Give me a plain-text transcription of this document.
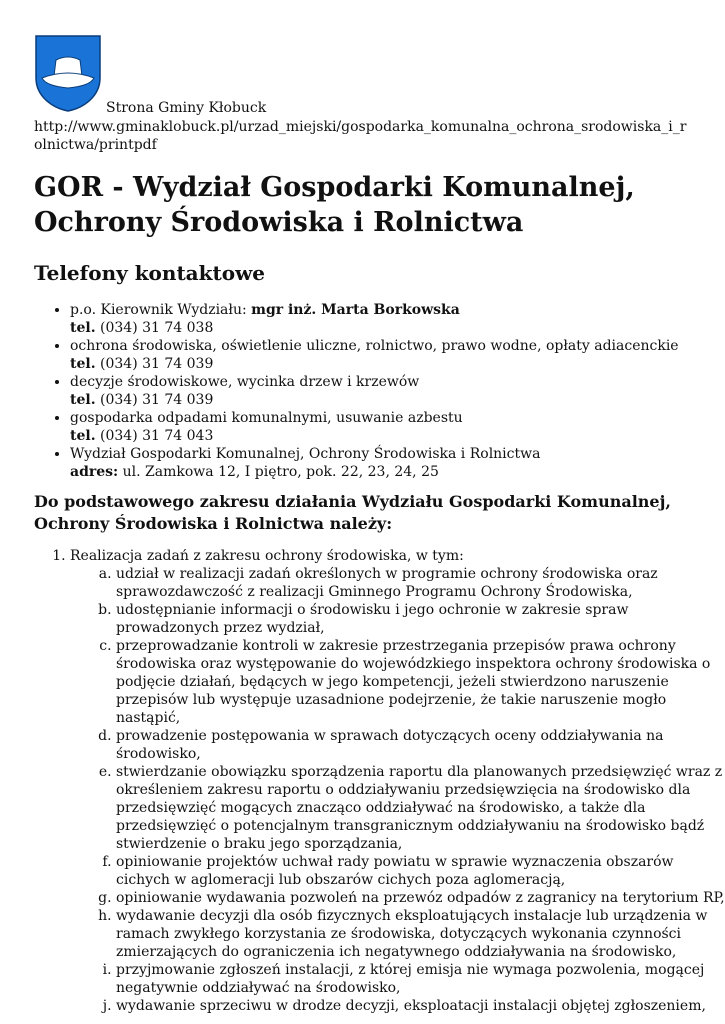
Strona Gminy Kłobuck
http://www.gminaklobuck.pl/urzad_miejski/gospodarka_komunalna_ochrona_srodowiska_i_rolnictwa/printpdf
GOR - Wydział Gospodarki Komunalnej, Ochrony Środowiska i Rolnictwa
Telefony kontaktowe
• p.o. Kierownik Wydziału: mgr inż. Marta Borkowska
tel. (034) 31 74 038
• ochrona środowiska, oświetlenie uliczne, rolnictwo, prawo wodne, opłaty adiacenckie
tel. (034) 31 74 039
• decyzje środowiskowe, wycinka drzew i krzewów
tel. (034) 31 74 039
• gospodarka odpadami komunalnymi, usuwanie azbestu
tel. (034) 31 74 043
• Wydział Gospodarki Komunalnej, Ochrony Środowiska i Rolnictwa
adres: ul. Zamkowa 12, I piętro, pok. 22, 23, 24, 25
Do podstawowego zakresu działania Wydziału Gospodarki Komunalnej, Ochrony Środowiska i Rolnictwa należy:
1. Realizacja zadań z zakresu ochrony środowiska, w tym:
a. udział w realizacji zadań określonych w programie ochrony środowiska oraz sprawozdawczość z realizacji Gminnego Programu Ochrony Środowiska,
b. udostępnianie informacji o środowisku i jego ochronie w zakresie spraw prowadzonych przez wydział,
c. przeprowadzanie kontroli w zakresie przestrzegania przepisów prawa ochrony środowiska oraz występowanie do wojewódzkiego inspektora ochrony środowiska o podjęcie działań, będących w jego kompetencji, jeżeli stwierdzono naruszenie przepisów lub występuje uzasadnione podejrzenie, że takie naruszenie mogło nastąpić,
d. prowadzenie postępowania w sprawach dotyczących oceny oddziaływania na środowisko,
e. stwierdzanie obowiązku sporządzenia raportu dla planowanych przedsięwzięć wraz z określeniem zakresu raportu o oddziaływaniu przedsięwzięcia na środowisko dla przedsięwzięć mogących znacząco oddziaływać na środowisko, a także dla przedsięwzięć o potencjalnym transgranicznym oddziaływaniu na środowisko bądź stwierdzenie o braku jego sporządzania,
f. opiniowanie projektów uchwał rady powiatu w sprawie wyznaczenia obszarów cichych w aglomeracji lub obszarów cichych poza aglomeracją,
g. opiniowanie wydawania pozwoleń na przewóz odpadów z zagranicy na terytorium RP,
h. wydawanie decyzji dla osób fizycznych eksploatujących instalacje lub urządzenia w ramach zwykłego korzystania ze środowiska, dotyczących wykonania czynności zmierzających do ograniczenia ich negatywnego oddziaływania na środowisko,
i. przyjmowanie zgłoszeń instalacji, z której emisja nie wymaga pozwolenia, mogącej negatywnie oddziaływać na środowisko,
j. wydawanie sprzeciwu w drodze decyzji, eksploatacji instalacji objętej zgłoszeniem,
